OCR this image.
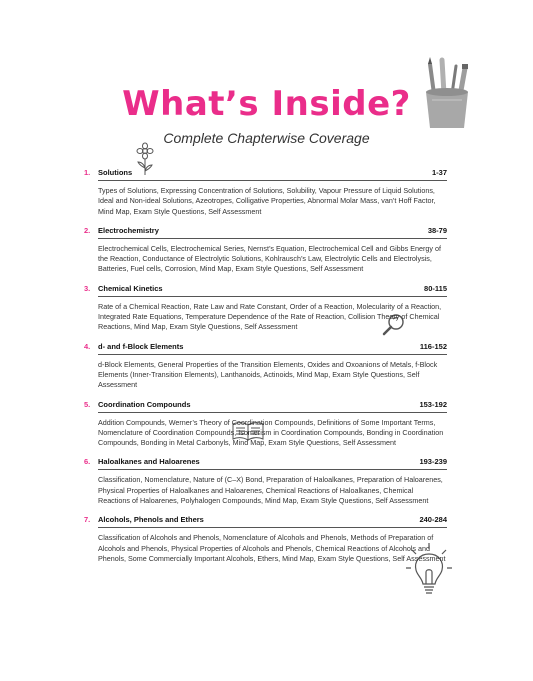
What’s Inside?

Complete Chapterwise Coverage

1.	Solutions	1-37
Types of Solutions, Expressing Concentration of Solutions, Solubility, Vapour Pressure of Liquid Solutions, Ideal and Non-ideal Solutions, Azeotropes, Colligative Properties, Abnormal Molar Mass, van’t Hoff Factor, Mind Map, Exam Style Questions, Self Assessment
2.	Electrochemistry	38-79
Electrochemical Cells, Electrochemical Series, Nernst’s Equation, Electrochemical Cell and Gibbs Energy of the Reaction, Conductance of Electrolytic Solutions, Kohlrausch’s Law, Electrolytic Cells and Electrolysis, Batteries, Fuel cells, Corrosion, Mind Map, Exam Style Questions, Self Assessment
3.	Chemical Kinetics	80-115
Rate of a Chemical Reaction, Rate Law and Rate Constant, Order of a Reaction, Molecularity of a Reaction, Integrated Rate Equations, Temperature Dependence of the Rate of Reaction, Collision Theory of Chemical Reactions, Mind Map, Exam Style Questions, Self Assessment
4.	d- and f-Block Elements	116-152
d-Block Elements, General Properties of the Transition Elements, Oxides and Oxoanions of Metals, f-Block Elements (Inner-Transition Elements), Lanthanoids, Actinoids, Mind Map, Exam Style Questions, Self Assessment
5.	Coordination Compounds	153-192
Addition Compounds, Werner’s Theory of Coordination Compounds, Definitions of Some Important Terms, Nomenclature of Coordination Compounds, Isomerism in Coordination Compounds, Bonding in Coordination Compounds, Bonding in Metal Carbonyls, Mind Map, Exam Style Questions, Self Assessment
6.	Haloalkanes and Haloarenes	193-239
Classification, Nomenclature, Nature of (C–X) Bond, Preparation of Haloalkanes, Preparation of Haloarenes, Physical Properties of Haloalkanes and Haloarenes, Chemical Reactions of Haloalkanes, Chemical Reactions of Haloarenes, Polyhalogen Compounds, Mind Map, Exam Style Questions, Self Assessment
7.	Alcohols, Phenols and Ethers	240-284
Classification of Alcohols and Phenols, Nomenclature of Alcohols and Phenols, Methods of Preparation of Alcohols and Phenols, Physical Properties of Alcohols and Phenols, Chemical Reactions of Alcohols and Phenols, Some Commercially Important Alcohols, Ethers, Mind Map, Exam Style Questions, Self Assessment
